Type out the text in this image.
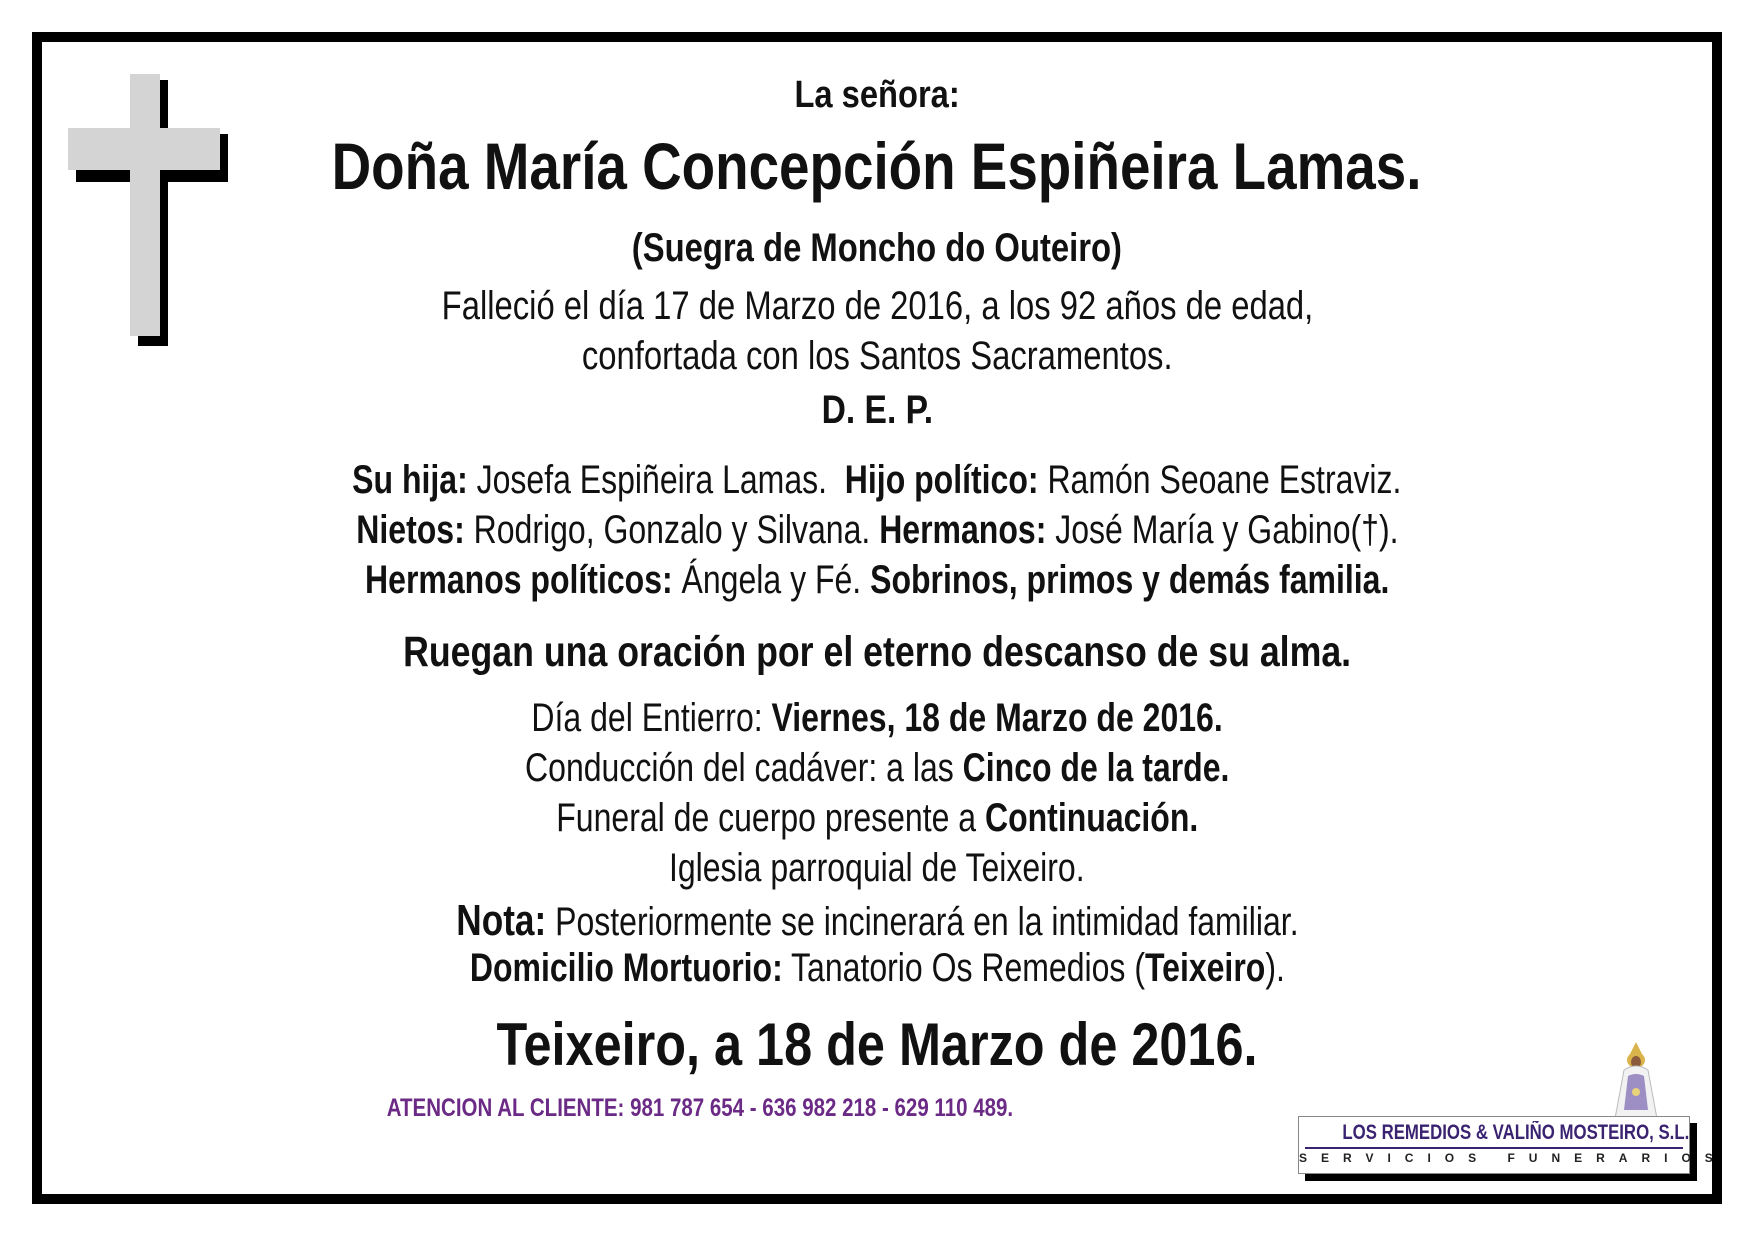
La señora:
Doña María Concepción Espiñeira Lamas.
(Suegra de Moncho do Outeiro)
Falleció el día 17 de Marzo de 2016, a los 92 años de edad,
confortada con los Santos Sacramentos.
D. E. P.
Su hija: Josefa Espiñeira Lamas. Hijo político: Ramón Seoane Estraviz.
Nietos: Rodrigo, Gonzalo y Silvana. Hermanos: José María y Gabino(†).
Hermanos políticos: Ángela y Fé. Sobrinos, primos y demás familia.
Ruegan una oración por el eterno descanso de su alma.
Día del Entierro: Viernes, 18 de Marzo de 2016.
Conducción del cadáver: a las Cinco de la tarde.
Funeral de cuerpo presente a Continuación.
Iglesia parroquial de Teixeiro.
Nota: Posteriormente se incinerará en la intimidad familiar.
Domicilio Mortuorio: Tanatorio Os Remedios (Teixeiro).
Teixeiro, a 18 de Marzo de 2016.
ATENCION AL CLIENTE: 981 787 654 - 636 982 218 - 629 110 489.
LOS REMEDIOS & VALIÑO MOSTEIRO, S.L.
SERVICIOS FUNERARIOS
